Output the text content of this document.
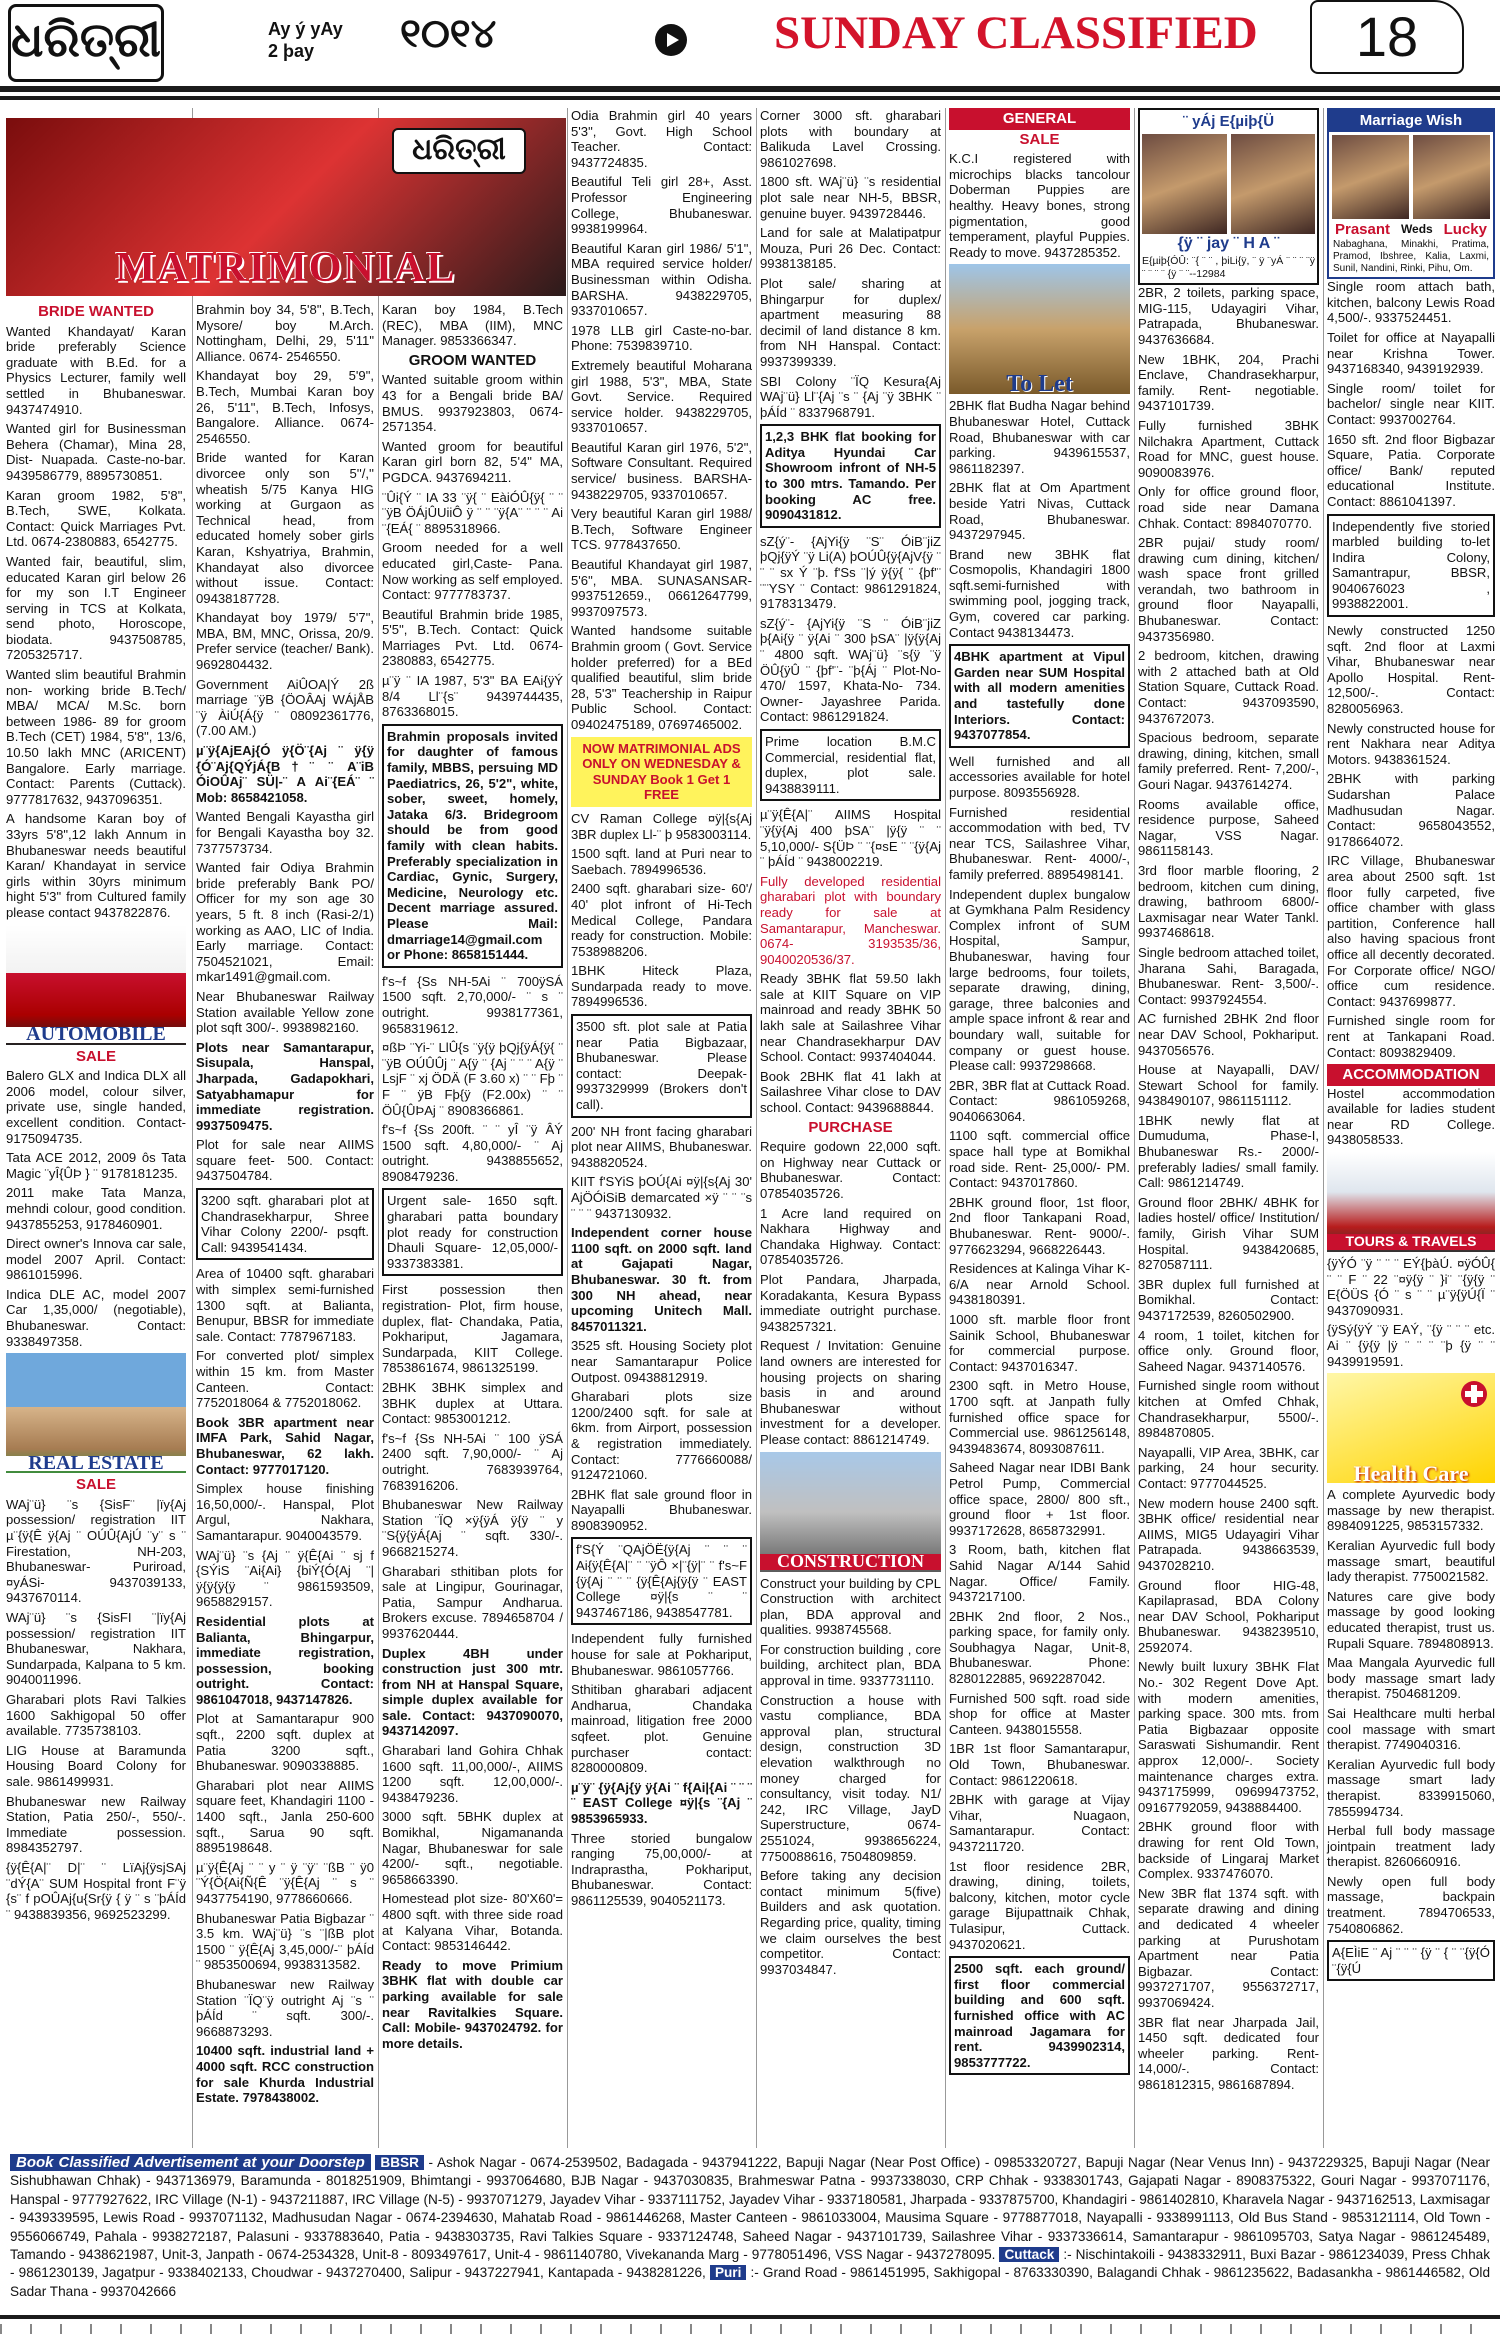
ଧରିତ୍ରୀ	Ay ý yAy
2 þay	୧୦୧୪	SUNDAY CLASSIFIED	18
ଧରିତ୍ରୀ
MATRIMONIAL
BRIDE WANTED

Wanted Khandayat/ Karan bride preferably Science graduate with B.Ed. for a Physics Lecturer, family well settled in Bhubaneswar. 9437474910.

Wanted girl for Businessman Behera (Chamar), Mina 28, Dist- Nuapada. Caste-no-bar. 9439586779, 8895730851.

Karan groom 1982, 5'8", B.Tech, SWE, Kolkata. Contact: Quick Marriages Pvt. Ltd. 0674-2380883, 6542775.

Wanted fair, beautiful, slim, educated Karan girl below 26 for my son I.T Engineer serving in TCS at Kolkata, send photo, Horoscope, biodata. 9437508785, 7205325717.

Wanted slim beautiful Brahmin non- working bride B.Tech/ MBA/ MCA/ M.Sc. born between 1986- 89 for groom B.Tech (CET) 1984, 5'8", 13/6, 10.50 lakh MNC (ARICENT) Bangalore. Early marriage. Contact: Parents (Cuttack). 9777817632, 9437096351.

A handsome Karan boy of 33yrs 5'8",12 lakh Annum in Bhubaneswar needs beautiful Karan/ Khandayat in service girls within 30yrs minimum hight 5'3" from Cultured family please contact 9437822876.

AUTOMOBILE
SALE

Balero GLX and Indica DLX all 2006 model, colour silver, private use, single handed, excellent condition. Contact-9175094735.

Tata ACE 2012, 2009 ôs Tata Magic ¨yÎ{ÛÞ } ¨ 9178181235.

2011 make Tata Manza, mehndi colour, good condition. 9437855253, 9178460901.

Direct owner's Innova car sale, model 2007 April. Contact: 9861015996.

Indica DLE AC, model 2007 Car 1,35,000/ (negotiable), Bhubaneswar. Contact: 9338497358.

REAL ESTATE
SALE

WAj¨ü} ¨s {SisF¨ |ïy{Aj possession/ registration IIT µ¨{ÿ{Ê ÿ{Aj ¨ OÚÛ{AjÚ ¨y¨ s ¨ Firestation, NH-203, Bhubaneswar- Puriroad, ¤yÁSi- 9437039133, 9437670114.

WAj¨ü} ¨s {SisFI ¨|ïy{Aj possession/ registration IIT Bhubaneswar, Nakhara, Sundarpada, Kalpana to 5 km. 9040011996.

Gharabari plots Ravi Talkies 1600 Sakhigopal 50 offer available. 7735738103.

LIG House at Baramunda Housing Board Colony for sale. 9861499931.

Bhubaneswar new Railway Station, Patia 250/-, 550/-. Immediate possession. 8984352797.

{ÿ{Ê{A|¨ D|¨ ¨ LïAj{ÿsjSAj ¨dÝ{A¨ SUM Hospital front F¨ÿ {s¨ f pOÛAj{u{Sr{ÿ { ÿ ¨ s ¨þÁÍd ¨ 9438839356, 9692523299.

Brahmin boy 34, 5'8", B.Tech, Mysore/ boy M.Arch. Nottingham, Delhi, 29, 5'11" Alliance. 0674- 2546550.

Khandayat boy 29, 5'9", B.Tech, Mumbai Karan boy 26, 5'11", B.Tech, Infosys, Bangalore. Alliance. 0674- 2546550.

Bride wanted for Karan divorcee only son 5''/,'' wheatish 5/75 Kanya HIG working at Gurgaon as Technical head, from educated homely sober girls Karan, Kshyatriya, Brahmin, Khandayat also divorcee without issue. Contact: 09438187728.

Khandayat boy 1979/ 5'7", MBA, BM, MNC, Orissa, 20/9. Prefer service (teacher/ Bank). 9692804432.

Government AiÛOA|Ý 2ß marriage ¨ÿB {ÖOÂAj WÁjÅB ¨ÿ ÀiÚ{Á{ÿ ¨ 08092361776, (7.00 AM.)

µ¨ÿ{AjEAj{Ó ÿ{Ö¨{Aj ¨ ÿ{ÿ {Ó¨Aj{QÝjÁ{B†¨ ¨ A¨iB ÓiOÛAj¨ SÜ|-¨ A Ai¨{EÁ¨ ¨ Mob: 8658421058.

Wanted Bengali Kayastha girl for Bengali Kayastha boy 32. 7377573734.

Wanted fair Odiya Brahmin bride preferably Bank PO/ Officer for my son age 30 years, 5 ft. 8 inch (Rasi-2/1) working as AAO, LIC of India. Early marriage. Contact: 7504521021, Email: mkar1491@gmail.com.

Near Bhubaneswar Railway Station available Yellow zone plot sqft 300/-. 9938982160.

Plots near Samantarapur, Sisupala, Hanspal, Jharpada, Gadapokhari, Satyabhamapur for immediate registration. 9937509475.

Plot for sale near AIIMS square feet- 500. Contact: 9437504784.

3200 sqft. gharabari plot at Chandrasekharpur, Shree Vihar Colony 2200/- psqft. Call: 9439541434.

Area of 10400 sqft. gharabari with simplex semi-furnished 1300 sqft. at Balianta, Benupur, BBSR for immediate sale. Contact: 7787967183.

For converted plot/ simplex within 15 km. from Master Canteen. Contact: 7752018064 & 7752018062.

Book 3BR apartment near IMFA Park, Sahid Nagar, Bhubaneswar, 62 lakh. Contact: 9777017120.

Simplex house finishing 16,50,000/-. Hanspal, Plot Argul, Nakhara, Samantarapur. 9040043579.

WAj¨ü} ¨s {Aj ¨ ÿ{Ê{Ai ¨ sj f {SÝiS ¨Ai{Ai} {biÝ{Ó{Aj ¨|ÿ{ÿ{ÿ{ÿ ¨ 9861593509, 9658829157.

Residential plots at Balianta, Bhingarpur, immediate registration, possession, booking outright. Contact: 9861047018, 9437147826.

Plot at Samantarapur 900 sqft., 2200 sqft. duplex at Patia 3200 sqft., Bhubaneswar. 9090338885.

Gharabari plot near AIIMS square feet, Khandagiri 1100 - 1400 sqft., Janla 250-600 sqft., Sarua 90 sqft. 8895198648.

µ¨ÿ{Ê{Aj ¨ ¨ y ¨ ÿ ¨ÿ¨ ¨ßB ¨ ÿ0 ¨Ý{Ö{Ai{Ñ{Ê ¨ÿ{Ê{Aj ¨ s ¨ 9437754190, 9778660666.

Bhubaneswar Patia Bigbazar ¨ 3.5 km. WAj¨ü} ¨s ¨|ßB plot 1500 ¨ ÿ{Ê{Aj 3,45,000/-¨ þÁÍd ¨ 9853500694, 9938313582.

Bhubaneswar new Railway Station ¨ÏQ¨ÿ outright Aj ¨s ¨ þÁÍd ¨ sqft. 300/-. 9668873293.

10400 sqft. industrial land + 4000 sqft. RCC construction for sale Khurda Industrial Estate. 7978438002.

Karan boy 1984, B.Tech (REC), MBA (IIM), MNC Manager. 9853366347.

GROOM WANTED

Wanted suitable groom within 43 for a Bengali bride BA/ BMUS. 9937923803, 0674-2571354.

Wanted groom for beautiful Karan girl born 82, 5'4" MA, PGDCA. 9437694211.

¨Ûi{Ý ¨ IA 33 ¨ÿ{ ¨ EàiÓÛ{ÿ{ ¨ ¨ ¨ÿB ÖÁjÛUiiÔ ÿ ¨ ¨ ¨ÿ{A¨ ¨ ¨ ¨ Ai ¨{EÁ{ ¨ 8895318966.

Groom needed for a well educated girl,Caste- Pana. Now working as self employed. Contact: 9777783737.

Beautiful Brahmin bride 1985, 5'5", B.Tech. Contact: Quick Marriages Pvt. Ltd. 0674-2380883, 6542775.

µ¨ÿ ¨ IA 1987, 5'3" BA EAi{ÿÝ 8/4 Ll¨{s¨ 9439744435, 8763368015.

Brahmin proposals invited for daughter of famous family, MBBS, persuing MD Paediatrics, 26, 5'2", white, sober, sweet, homely, Jataka 6/3. Bridegroom should be from good family with clean habits. Preferably specialization in Cardiac, Gynic, Surgery, Medicine, Neurology etc. Decent marriage assured. Please Mail: dmarriage14@gmail.com or Phone: 8658151444.

f's~f {Ss NH-5Ai ¨ 700ÿSÁ 1500 sqft. 2,70,000/- ¨ s ¨ outright. 9938177361, 9658319612.

¤ßÞ ¨Yi-¨ LlÛ{s ¨ÿ{ÿ þQj{ÿÁ{ÿ{ ¨ ¨ÿB OÚÛÛj ¨ A{ÿ ¨ {Aj ¨ ¨ ¨ A{ÿ ¨ LsjF ¨ xj ÖDÄ (F 3.60 x) ¨ ¨ Fþ ¨ F ¨ ÿB Fþ{ÿ (F2.00x) ¨ ¨ ÖÛ{ÛÞAj ¨ 8908366861.

f's~f {Ss 200ft. ¨ ¨ yÎ ¨ÿ ÂÝ 1500 sqft. 4,80,000/- ¨ Aj outright. 9438855652, 8908479236.

Urgent sale- 1650 sqft. gharabari patta boundary plot ready for construction Dhauli Square- 12,05,000/- 9337383381.

First possession then registration- Plot, firm house, duplex, flat- Chandaka, Patia, Pokhariput, Jagamara, Sundarpada, KIIT College. 7853861674, 9861325199.

2BHK 3BHK simplex and 3BHK duplex at Uttara. Contact: 9853001212.

f's~f {Ss NH-5Ai ¨ 100 ÿSÁ 2400 sqft. 7,90,000/- ¨ Aj outright. 7683939764, 7683916206.

Bhubaneswar New Railway Station ¨ÏQ ×ÿ{ÿÁ ÿ{ÿ ¨ y ¨S{ÿ{ÿÁ{Aj ¨ sqft. 330/-. 9668215274.

Gharabari sthitiban plots for sale at Lingipur, Gourinagar, Patia, Sampur Andharua. Brokers excuse. 7894658704 / 9937620444.

Duplex 4BH under construction just 300 mtr. from NH at Hanspal Square, simple duplex available for sale. Contact: 9437090070, 9437142097.

Gharabari land Gohira Chhak 1600 sqft. 11,00,000/-, AIIMS 1200 sqft. 12,00,000/-. 9438479236.

3000 sqft. 5BHK duplex at Bomikhal, Nigamananda Nagar, Bhubaneswar for sale 4200/- sqft., negotiable. 9658663390.

Homestead plot size- 80'X60'= 4800 sqft. with three side road at Kalyana Vihar, Botanda. Contact: 9853146442.

Ready to move Primium 3BHK flat with double car parking available for sale near Ravitalkies Square. Call: Mobile- 9437024792. for more details.

Odia Brahmin girl 40 years 5'3", Govt. High School Teacher. Contact: 9437724835.

Beautiful Teli girl 28+, Asst. Professor Engineering College, Bhubaneswar. 9938199964.

Beautiful Karan girl 1986/ 5'1", MBA required service holder/ Businessman within Odisha. BARSHA. 9438229705, 9337010657.

1978 LLB girl Caste-no-bar. Phone: 7539839710.

Extremely beautiful Moharana girl 1988, 5'3", MBA, State Govt. Service. Required service holder. 9438229705, 9337010657.

Beautiful Karan girl 1976, 5'2", Software Consultant. Required service/ business. BARSHA- 9438229705, 9337010657.

Very beautiful Karan girl 1988/ B.Tech, Software Engineer TCS. 9778437650.

Beautiful Khandayat girl 1987, 5'6", MBA. SUNASANSAR- 9937512659., 06612647799, 9937097573.

Wanted handsome suitable Brahmin groom ( Govt. Service holder preferred) for a BEd qualified beautiful, slim bride 28, 5'3" Teachership in Raipur Public School. Contact: 09402475189, 07697465002.

NOW MATRIMONIAL ADS ONLY ON WEDNESDAY & SUNDAY Book 1 Get 1 FREE

CV Raman College ¤ÿ|{s{Aj 3BR duplex Ll-¨ þ 9583003114.

1500 sqft. land at Puri near to Saebach. 7894996536.

2400 sqft. gharabari size- 60'/ 40' plot infront of Hi-Tech Medical College, Pandara ready for construction. Mobile: 7538988206.

1BHK Hiteck Plaza, Sundarpada ready to move. 7894996536.

3500 sft. plot sale at Patia near Patia Bigbazaar, Bhubaneswar. Please contact: Deepak- 9937329999 (Brokers don't call).

200' NH front facing gharabari plot near AIIMS, Bhubaneswar. 9438820524.

KIIT f'SYiS þOÚ{Ai ¤ÿ|{s{Aj 30' AjÖÓiSiB demarcated ×ÿ ¨ ¨ ¨s ¨ ¨ ¨ 9437130932.

Independent corner house 1100 sqft. on 2000 sqft. land at Gajapati Nagar, Bhubaneswar. 30 ft. from 300 NH ahead, near upcoming Unitech Mall. 8457011321.

3525 sft. Housing Society plot near Samantarapur Police Outpost. 09438812919.

Gharabari plots size 1200/2400 sqft. for sale at 6km. from Airport, possession & registration immediately. Contact: 7776660088/ 9124721060.

2BHK flat sale ground floor in Nayapalli Bhubaneswar. 8908390952.

f'S{Ý ¨QAjÖË{ÿ{Aj ¨ ¨ ¨ Ai{ÿ{Ê{A|¨ ¨ ¨ÿÔ ×|¨{ÿ|¨ ¨ f's~F {ÿ{Aj ¨ ¨ ¨ {ÿ{Ê{Aj{ÿ{ÿ ¨ EAST College ¤ÿ|{s ¨ ¨ 9437467186, 9438547781.

Independent fully furnished house for sale at Pokhariput, Bhubaneswar. 9861057766.

Sthitiban gharabari adjacent Andharua, Chandaka mainroad, litigation free 2000 sqfeet. plot. Genuine purchaser contact: 8280000809.

µ¨ÿ¨ {ÿ{Aj{ÿ ÿ{Ai ¨ f{Ai|{Ai ¨ ¨ ¨ ¨ EAST College ¤ÿ|{s ¨{Aj ¨ 9853965933.

Three storied bungalow ranging 75,00,000/- at Indraprastha, Pokhariput, Bhubaneswar. Contact: 9861125539, 9040521173.

Corner 3000 sft. gharabari plots with boundary at Balikuda Lavel Crossing. 9861027698.

1800 sft. WAj¨ü} ¨s residential plot sale near NH-5, BBSR, genuine buyer. 9439728446.

Land for sale at Malatipatpur Mouza, Puri 26 Dec. Contact: 9938138185.

Plot sale/ sharing at Bhingarpur for duplex/ apartment measuring 88 decimil of land distance 8 km. from NH Hanspal. Contact: 9937399339.

SBI Colony ¨ÏQ Kesura{Aj WAj¨ü} Ll¨{Aj ¨s ¨ {Aj ¨ÿ 3BHK ¨ þÁÍd ¨ 8337968791.

1,2,3 BHK flat booking for Aditya Hyundai Car Showroom infront of NH-5 to 300 mtrs. Tamando. Per booking AC free. 9090431812.

sZ{ý¨- {AjYi{ÿ ¨S¨ ÓiB¨jiZ þQj{ÿÝ ¨ÿ Li(A) þOÚÛ{ÿ{AjV{ÿ ¨ ¨ ¨ sx Ý ¨þ. f'Ss ¨|ý ÿ{ÿ{ ¨ {þf'¨ ¨¨YSY ¨ Contact: 9861291824, 9178313479.

sZ{ý¨- {AjYi{ÿ ¨S ¨ ÓiB¨jiZ þ{Ai{ÿ ¨ ÿ{Ai ¨ 300 þSA¨ |ÿ{ÿ{Aj ¨ 4800 sqft. WAj¨ü} ¨s{ÿ ¨ÿ ÖÛ{ÿÛ ¨ {þf'¨- ¨þ{Áj ¨ Plot-No- 470/ 1597, Khata-No- 734. Owner- Jayashree Parida. Contact: 9861291824.

Prime location B.M.C Commercial, residential flat, duplex, plot sale. 9438839111.

µ¨ÿ{Ê{A|¨ AIIMS Hospital ¨ÿ{ÿ{Aj 400 þSA¨ |ÿ{ÿ ¨ ¨ 5,10,000/- S{ÜÞ ¨ ¨{¤sE ¨ ¨{ÿ{Aj ¨ þÁÍd ¨ 9438002219.

Fully developed residential gharabari plot with boundary ready for sale at Samantarapur, Mancheswar. 0674- 3193535/36, 9040020536/37.

Ready 3BHK flat 59.50 lakh sale at KIIT Square on VIP mainroad and ready 3BHK 50 lakh sale at Sailashree Vihar near Chandrasekharpur DAV School. Contact: 9937404044.

Book 2BHK flat 41 lakh at Sailashree Vihar close to DAV school. Contact: 9439688844.

PURCHASE

Require godown 22,000 sqft. on Highway near Cuttack or Bhubaneswar. Contact: 07854035726.

1 Acre land required on Nakhara Highway and Chandaka Highway. Contact: 07854035726.

Plot Pandara, Jharpada, Koradakanta, Kesura Bypass immediate outright purchase. 9438257321.

Request / Invitation: Genuine land owners are interested for housing projects on sharing basis in and around Bhubaneswar without investment for a developer. Please contact: 8861214749.

CONSTRUCTION

Construct your building by CPL Construction with architect plan, BDA approval and qualities. 9938745568.

For construction building , core building, architect plan, BDA approval in time. 9337731110.

Construction a house with vastu compliance, BDA approval plan, structural design, construction 3D elevation walkthrough no money charged for consultancy, visit today. N1/ 242, IRC Village, JayD Superstructure, 0674-2551024, 9938656224, 7750088616, 7504809859.

Before taking any decision contact minimum 5(five) Builders and ask quotation. Regarding price, quality, timing we claim ourselves the best competitor. Contact: 9937034847.

GENERAL
SALE

K.C.I registered with microchips blacks tancolour Doberman Puppies are healthy. Heavy bones, strong pigmentation, good temperament, playful Puppies. Ready to move. 9437285352.

To Let

2BHK flat Budha Nagar behind Bhubaneswar Hotel, Cuttack Road, Bhubaneswar with car parking. 9439615537, 9861182397.

2BHK flat at Om Apartment beside Yatri Nivas, Cuttack Road, Bhubaneswar. 9437297945.

Brand new 3BHK flat Cosmopolis, Khandagiri 1800 sqft.semi-furnished with swimming pool, jogging track, Gym, covered car parking. Contact 9438134473.

4BHK apartment at Vipul Garden near SUM Hospital with all modern amenities and tastefully done Interiors. Contact: 9437077854.

Well furnished and all accessories available for hotel purpose. 8093556928.

Furnished residential accommodation with bed, TV near TCS, Sailashree Vihar, Bhubaneswar. Rent- 4000/-, family preferred. 8895498141.

Independent duplex bungalow at Gymkhana Palm Residency Complex infront of SUM Hospital, Sampur, Bhubaneswar, having four large bedrooms, four toilets, separate drawing, dining, garage, three balconies and ample space infront & rear and boundary wall, suitable for company or guest house. Please call: 9937298668.

2BR, 3BR flat at Cuttack Road. Contact: 9861059268, 9040663064.

1100 sqft. commercial office space hall type at Bomikhal road side. Rent- 25,000/- PM. Contact: 9437017860.

2BHK ground floor, 1st floor, 2nd floor Tankapani Road, Bhubaneswar. Rent- 9000/-. 9776623294, 9668226443.

Residences at Kalinga Vihar K-6/A near Arnold School. 9438180391.

1000 sft. marble floor front Sainik School, Bhubaneswar for commercial purpose. Contact: 9437016347.

2300 sqft. in Metro House, 1700 sqft. at Janpath fully furnished office space for Commercial use. 9861256148, 9439483674, 8093087611.

Saheed Nagar near IDBI Bank Petrol Pump, Commercial office space, 2800/ 800 sft., ground floor + 1st floor. 9937172628, 8658732991.

3 Room, bath, kitchen flat Sahid Nagar A/144 Sahid Nagar. Office/ Family. 9437217100.

2BHK 2nd floor, 2 Nos., parking space, for family only. Soubhagya Nagar, Unit-8, Bhubaneswar. Phone: 8280122885, 9692287042.

Furnished 500 sqft. road side shop for office at Master Canteen. 9438015558.

1BR 1st floor Samantarapur, Old Town, Bhubaneswar. Contact: 9861220618.

2BHK with garage at Vijay Vihar, Nuagaon, Samantarapur. Contact: 9437211720.

1st floor residence 2BR, drawing, dining, toilets, balcony, kitchen, motor cycle garage Bijupattnaik Chhak, Tulasipur, Cuttack. 9437020621.

2500 sqft. each ground/ first floor commercial building and 600 sqft. furnished office with AC mainroad Jagamara for rent. 9439902314, 9853777722.
¨ yÁj E{µiþ{Ü
{ÿ ¨ jay ¨ H A ¨
E{µiþ{ÓÛ: ¨{ ¨ ¨ , þiLi{ÿ, ¨ ÿ ¨yÁ ¨ ¨ ¨ ¨ÿ ¨ ¨ ¨ ¨ {ÿ ¨ ¨--12984

2BR, 2 toilets, parking space, MIG-115, Udayagiri Vihar, Patrapada, Bhubaneswar. 9437636684.

New 1BHK, 204, Prachi Enclave, Chandrasekharpur, family. Rent- negotiable. 9437101739.

Fully furnished 3BHK Nilchakra Apartment, Cuttack Road for MNC, guest house. 9090083976.

Only for office ground floor, road side near Damana Chhak. Contact: 8984070770.

2BR pujai/ study room/ drawing cum dining, kitchen/ wash space front grilled verandah, two bathroom in ground floor Nayapalli, Bhubaneswar. Contact: 9437356980.

2 bedroom, kitchen, drawing with 2 attached bath at Old Station Square, Cuttack Road. Contact: 9437093590, 9437672073.

Spacious bedroom, separate drawing, dining, kitchen, small family preferred. Rent- 7,200/-, Gouri Nagar. 9437614274.

Rooms available office, residence purpose, Saheed Nagar, VSS Nagar. 9861158143.

3rd floor marble flooring, 2 bedroom, kitchen cum dining, drawing, bathroom 6800/- Laxmisagar near Water Tankl. 9937468618.

Single bedroom attached toilet, Jharana Sahi, Baragada, Bhubaneswar. Rent- 3,500/-. Contact: 9937924554.

AC furnished 2BHK 2nd floor near DAV School, Pokhariput. 9437056576.

House at Nayapalli, DAV/ Stewart School for family. 9438490107, 9861151112.

1BHK newly flat at Dumuduma, Phase-I, Bhubaneswar Rs.- 2000/- preferably ladies/ small family. Call: 9861214749.

Ground floor 2BHK/ 4BHK for ladies hostel/ office/ Institution/ family, Girish Vihar SUM Hospital. 9438420685, 8270587111.

3BR duplex full furnished at Bomikhal. Contact: 9437172539, 8260502900.

4 room, 1 toilet, kitchen for office only. Ground floor, Saheed Nagar. 9437140576.

Furnished single room without kitchen at Omfed Chhak, Chandrasekharpur, 5500/-. 8984870805.

Nayapalli, VIP Area, 3BHK, car parking, 24 hour security. Contact: 9777044525.

New modern house 2400 sqft. 3BHK office/ residential near AIIMS, MIG5 Udayagiri Vihar Patrapada. 9438663539, 9437028210.

Ground floor HIG-48, Kapilaprasad, BDA Colony near DAV School, Pokhariput Bhubaneswar. 9438239510, 2592074.

Newly built luxury 3BHK Flat No.- 302 Regent Dove Apt. with modern amenities, parking space. 300 mts. from Patia Bigbazaar opposite Saraswati Sishumandir. Rent approx 12,000/-. Society maintenance charges extra. 9437175999, 09699473752, 09167792059, 9438884400.

2BHK ground floor with drawing for rent Old Town, backside of Lingaraj Market Complex. 9337476070.

New 3BR flat 1374 sqft. with separate drawing and dining and dedicated 4 wheeler parking at Purushotam Apartment near Patia Bigbazar. Contact: 9937271707, 9556372717, 9937069424.

3BR flat near Jharpada Jail, 1450 sqft. dedicated four wheeler parking. Rent- 14,000/-. Contact: 9861812315, 9861687894.

Marriage Wish
Prasant Weds Lucky
Nabaghana, Minakhi, Pratima, Pramod, Ibshree, Kalia, Laxmi, Sunil, Nandini, Rinki, Pihu, Om.

Single room attach bath, kitchen, balcony Lewis Road 4,500/-. 9337524451.

Toilet for office at Nayapalli near Krishna Tower. 9437168340, 9439192939.

Single room/ toilet for bachelor/ single near KIIT. Contact: 9937002764.

1650 sft. 2nd floor Bigbazar Square, Patia. Corporate office/ Bank/ reputed educational Institute. Contact: 8861041397.

Independently five storied marbled building to-let Indira Colony, Samantrapur, BBSR, 9040676023 , 9938822001.

Newly constructed 1250 sqft. 2nd floor at Laxmi Vihar, Bhubaneswar near Apollo Hospital. Rent- 12,500/-. Contact: 8280056963.

Newly constructed house for rent Nakhara near Aditya Motors. 9438361524.

2BHK with parking Sudarshan Palace Madhusudan Nagar. Contact: 9658043552, 9178664072.

IRC Village, Bhubaneswar area about 2500 sqft. 1st floor fully carpeted, five office chamber with glass partition, Conference hall also having spacious front office all decently decorated. For Corporate office/ NGO/ office cum residence. Contact: 9437699877.

Furnished single room for rent at Tankapani Road. Contact: 8093829409.

ACCOMMODATION

Hostel accommodation available for ladies student near RD College. 9438058533.

TOURS & TRAVELS

{ÿÝÓ ¨ÿ ¨ ¨ ¨ EÝ{þàÚ. ¤ÿÓÛ{ ¨ ¨ F ¨ 22 ¨¤ÿ{ÿ ¨ }i¨ ¨{ÿ{ÿ ¨ E{ÖÜS {Ó ¨ s ¨ ¨ µ¨ÿ{ÿÚ{Ï ¨ 9437090931.

{ÿSý{ÿÝ ¨ÿ EAÝ, ¨{ÿ ¨ ¨ ¨ etc. Ai ¨ {ÿ{ÿ |ÿ ¨ ¨ ¨ ¨þ {ÿ ¨ ¨ 9439919591.

Health Care

A complete Ayurvedic body massage by new therapist. 8984091225, 9853157332.

Keralian Ayurvedic full body massage smart, beautiful lady therapist. 7750021582.

Natures care give body massage by good looking educated therapist, trust us. Rupali Square. 7894808913.

Maa Mangala Ayurvedic full body massage smart lady therapist. 7504681209.

Sai Healthcare multi herbal cool massage with smart therapist. 7749040316.

Keralian Ayurvedic full body massage smart lady therapist. 8339915060, 7855994734.

Herbal full body massage jointpain treatment lady therapist. 8260660916.

Newly open full body massage, backpain treatment. 7894706533, 7540806862.

A{EÌiE ¨ Aj ¨ ¨ ¨ {ÿ ¨ { ¨ ¨{ÿ{Ó ¨{ÿ{Ú
Book Classified Advertisement at your Doorstep BBSR - Ashok Nagar - 0674-2539502, Badagada - 9437941222, Bapuji Nagar (Near Post Office) - 09853320727, Bapuji Nagar (Near Venus Inn) - 9437229325, Bapuji Nagar (Near Sishubhawan Chhak) - 9437136979, Baramunda - 8018251909, Bhimtangi - 9937064680, BJB Nagar - 9437030835, Brahmeswar Patna - 9937338030, CRP Chhak - 9338301743, Gajapati Nagar - 8908375322, Gouri Nagar - 9937071176, Hanspal - 9777927622, IRC Village (N-1) - 9437211887, IRC Village (N-5) - 9937071279, Jayadev Vihar - 9337111752, Jayadev Vihar - 9337180581, Jharpada - 9337875700, Khandagiri - 9861402810, Kharavela Nagar - 9437162513, Laxmisagar - 9439339595, Lewis Road - 9937071132, Madhusudan Nagar - 0674-2394630, Mahatab Road - 9861446268, Master Canteen - 9861033004, Mausima Square - 9778877018, Nayapalli - 9338991113, Old Bus Stand - 9853121114, Old Town - 9556066749, Pahala - 9938272187, Palasuni - 9337883640, Patia - 9438303735, Ravi Talkies Square - 9337124748, Saheed Nagar - 9437101739, Sailashree Vihar - 9337336614, Samantarapur - 9861095703, Satya Nagar - 9861245489, Tamando - 9438621987, Unit-3, Janpath - 0674-2534328, Unit-8 - 8093497617, Unit-4 - 9861140780, Vivekananda Marg - 9778051496, VSS Nagar - 9437278095. Cuttack :- Nischintakoili - 9438332911, Buxi Bazar - 9861234039, Press Chhak - 9861230139, Jagatpur - 9338402133, Choudwar - 9437270400, Salipur - 9437227941, Kantapada - 9438281226, Puri :- Grand Road - 9861451995, Sakhigopal - 8763330390, Balagandi Chhak - 9861235622, Badasankha - 9861446582, Old Sadar Thana - 9937042666
